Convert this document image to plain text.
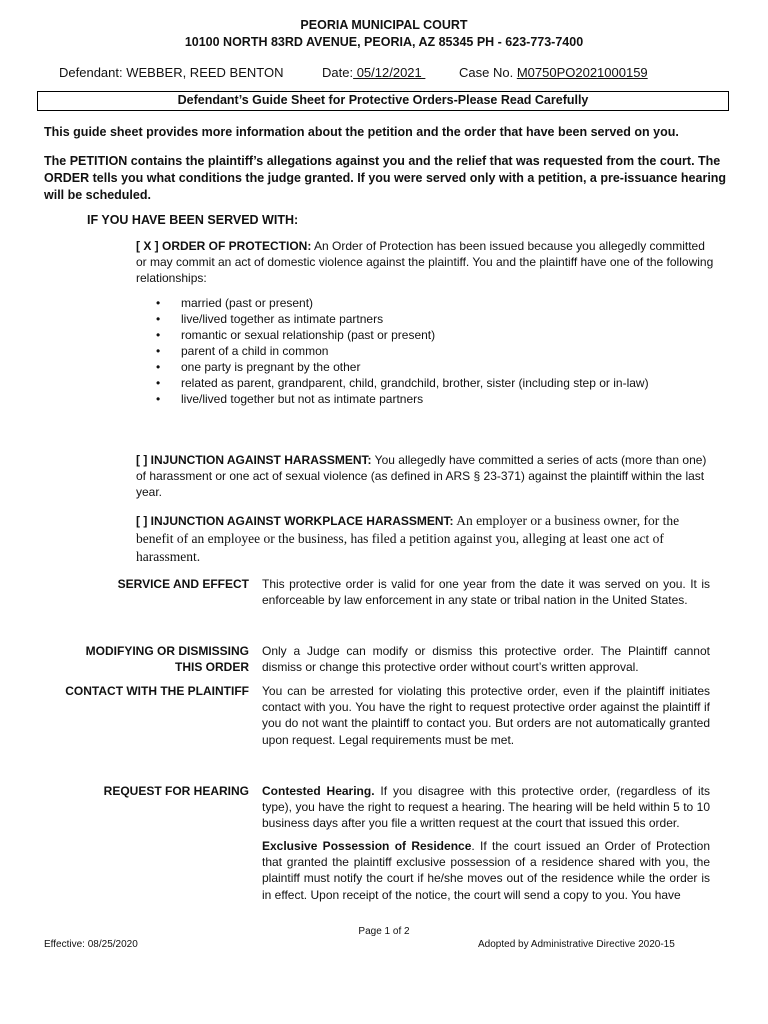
PEORIA MUNICIPAL COURT
10100 NORTH 83RD AVENUE, PEORIA, AZ 85345 PH - 623-773-7400
Defendant: WEBBER, REED BENTON	Date: 05/12/2021	Case No. M0750PO2021000159
Defendant’s Guide Sheet for Protective Orders-Please Read Carefully
This guide sheet provides more information about the petition and the order that have been served on you.
The PETITION contains the plaintiff’s allegations against you and the relief that was requested from the court. The ORDER tells you what conditions the judge granted. If you were served only with a petition, a pre-issuance hearing will be scheduled.
IF YOU HAVE BEEN SERVED WITH:
[ X ] ORDER OF PROTECTION: An Order of Protection has been issued because you allegedly committed or may commit an act of domestic violence against the plaintiff. You and the plaintiff have one of the following relationships:
• married (past or present)
• live/lived together as intimate partners
• romantic or sexual relationship (past or present)
• parent of a child in common
• one party is pregnant by the other
• related as parent, grandparent, child, grandchild, brother, sister (including step or in-law)
• live/lived together but not as intimate partners
[ ] INJUNCTION AGAINST HARASSMENT: You allegedly have committed a series of acts (more than one) of harassment or one act of sexual violence (as defined in ARS § 23-371) against the plaintiff within the last year.
[ ] INJUNCTION AGAINST WORKPLACE HARASSMENT: An employer or a business owner, for the benefit of an employee or the business, has filed a petition against you, alleging at least one act of harassment.
SERVICE AND EFFECT This protective order is valid for one year from the date it was served on you. It is enforceable by law enforcement in any state or tribal nation in the United States.
MODIFYING OR DISMISSING
THIS ORDER
Only a Judge can modify or dismiss this protective order. The Plaintiff cannot dismiss or change this protective order without court’s written approval.
CONTACT WITH THE PLAINTIFF You can be arrested for violating this protective order, even if the plaintiff initiates contact with you. You have the right to request protective order against the plaintiff if you do not want the plaintiff to contact you. But orders are not automatically granted upon request. Legal requirements must be met.
REQUEST FOR HEARING Contested Hearing. If you disagree with this protective order, (regardless of its type), you have the right to request a hearing. The hearing will be held within 5 to 10 business days after you file a written request at the court that issued this order.
Exclusive Possession of Residence. If the court issued an Order of Protection that granted the plaintiff exclusive possession of a residence shared with you, the plaintiff must notify the court if he/she moves out of the residence while the order is in effect. Upon receipt of the notice, the court will send a copy to you. You have
Page 1 of 2
Effective: 08/25/2020	Adopted by Administrative Directive 2020-15
